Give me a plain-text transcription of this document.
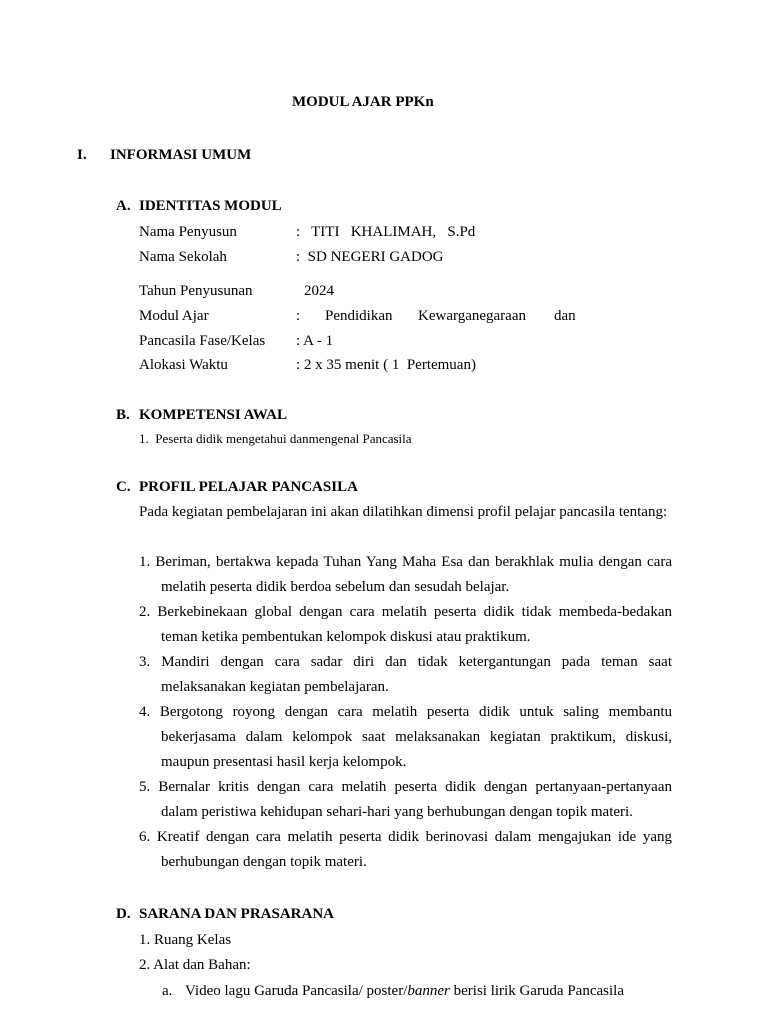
MODUL AJAR PPKn
I. INFORMASI UMUM
A. IDENTITAS MODUL
Nama Penyusun	:   TITI   KHALIMAH,   S.Pd
Nama Sekolah	:  SD NEGERI GADOG
Tahun Penyusunan	2024
Modul Ajar	: Pendidikan Kewarganegaraan dan
Pancasila Fase/Kelas : A - 1
Alokasi Waktu	: 2 x 35 menit ( 1  Pertemuan)
B. KOMPETENSI AWAL
1.  Peserta didik mengetahui danmengenal Pancasila
C. PROFIL PELAJAR PANCASILA
Pada kegiatan pembelajaran ini akan dilatihkan dimensi profil pelajar pancasila tentang:
1. Beriman, bertakwa kepada Tuhan Yang Maha Esa dan berakhlak mulia dengan cara melatih peserta didik berdoa sebelum dan sesudah belajar.
2. Berkebinekaan global dengan cara melatih peserta didik tidak membeda-bedakan teman ketika pembentukan kelompok diskusi atau praktikum.
3. Mandiri dengan cara sadar diri dan tidak ketergantungan pada teman saat melaksanakan kegiatan pembelajaran.
4. Bergotong royong dengan cara melatih peserta didik untuk saling membantu bekerjasama dalam kelompok saat melaksanakan kegiatan praktikum, diskusi, maupun presentasi hasil kerja kelompok.
5. Bernalar kritis dengan cara melatih peserta didik dengan pertanyaan-pertanyaan dalam peristiwa kehidupan sehari-hari yang berhubungan dengan topik materi.
6. Kreatif dengan cara melatih peserta didik berinovasi dalam mengajukan ide yang berhubungan dengan topik materi.
D. SARANA DAN PRASARANA
1. Ruang Kelas
2. Alat dan Bahan:
a. Video lagu Garuda Pancasila/ poster/banner berisi lirik Garuda Pancasila
